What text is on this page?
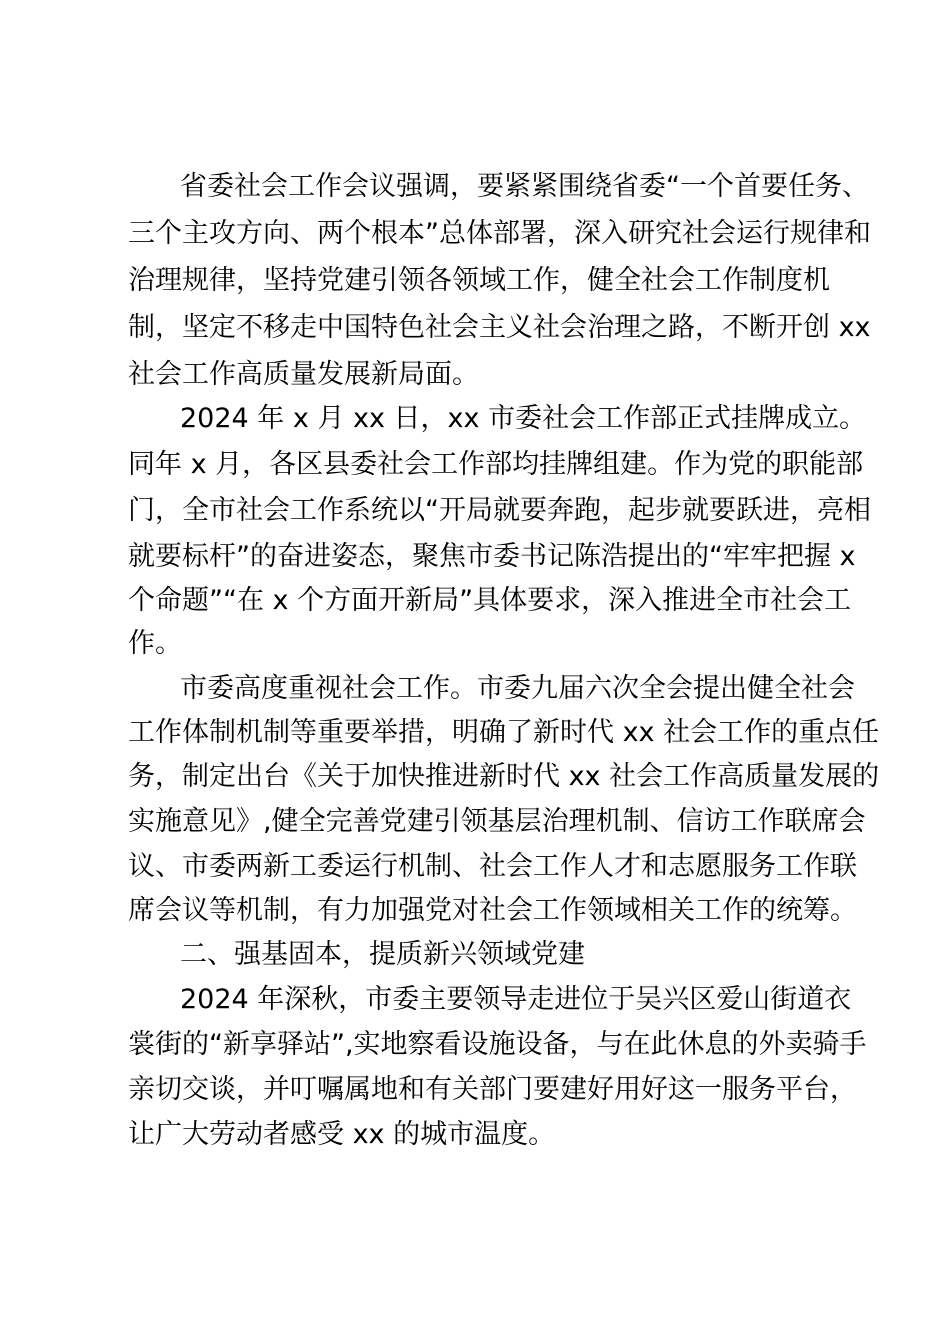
省委社会工作会议强调，要紧紧围绕省委“一个首要任务、
三个主攻方向、两个根本”总体部署，深入研究社会运行规律和
治理规律，坚持党建引领各领域工作，健全社会工作制度机
制，坚定不移走中国特色社会主义社会治理之路，不断开创 xx
社会工作高质量发展新局面。
2024 年 x 月 xx 日，xx 市委社会工作部正式挂牌成立。
同年 x 月，各区县委社会工作部均挂牌组建。作为党的职能部
门，全市社会工作系统以“开局就要奔跑，起步就要跃进，亮相
就要标杆”的奋进姿态，聚焦市委书记陈浩提出的“牢牢把握 x
个命题”“在 x 个方面开新局”具体要求，深入推进全市社会工
作。
市委高度重视社会工作。市委九届六次全会提出健全社会
工作体制机制等重要举措，明确了新时代 xx 社会工作的重点任
务，制定出台《关于加快推进新时代 xx 社会工作高质量发展的
实施意见》,健全完善党建引领基层治理机制、信访工作联席会
议、市委两新工委运行机制、社会工作人才和志愿服务工作联
席会议等机制，有力加强党对社会工作领域相关工作的统筹。
二、强基固本，提质新兴领域党建
2024 年深秋，市委主要领导走进位于吴兴区爱山街道衣
裳街的“新享驿站”,实地察看设施设备，与在此休息的外卖骑手
亲切交谈，并叮嘱属地和有关部门要建好用好这一服务平台，
让广大劳动者感受 xx 的城市温度。
